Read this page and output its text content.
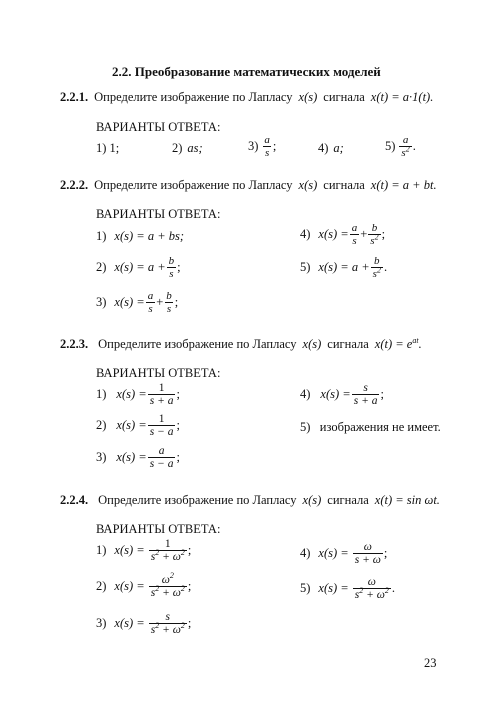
2.2. Преобразование математических моделей
2.2.1. Определите изображение по Лапласу x(s) сигнала x(t) = a·1(t).
ВАРИАНТЫ ОТВЕТА:
1) 1;	2) as;	$3) \frac{a}{s}$ ;	4) a;	$5) \frac{a}{s^2}$ .
2.2.2. Определите изображение по Лапласу x(s) сигнала x(t) = a + bt.
ВАРИАНТЫ ОТВЕТА:
1) x(s) = a + bs;
2) $x(s) = a + \frac{b}{s}$ ;
3) $x(s) = \frac{a}{s} + \frac{b}{s}$ ;
4) $x(s) = \frac{a}{s} + \frac{b}{s^2}$ ;
5) $x(s) = a + \frac{b}{s^2}$ .
2.2.3. Определите изображение по Лапласу x(s) сигнала $x(t) = e^{at}$.
ВАРИАНТЫ ОТВЕТА:
1) $x(s) = \frac{1}{s + a}$ ;
2) $x(s) = \frac{1}{s - a}$ ;
3) $x(s) = \frac{a}{s - a}$ ;
4) $x(s) = \frac{s}{s + a}$ ;
5)   изображения не имеет.
2.2.4. Определите изображение по Лапласу x(s) сигнала x(t) = sin ωt.
ВАРИАНТЫ ОТВЕТА:
1) $x(s) = \frac{1}{s^2 + \omega^2}$ ;
2) $x(s) = \frac{\omega^2}{s^2 + \omega^2}$ ;
3) $x(s) = \frac{s}{s^2 + \omega^2}$ ;
4) $x(s) = \frac{\omega}{s + \omega}$ ;
5) $x(s) = \frac{\omega}{s^2 + \omega^2}$ .
23
